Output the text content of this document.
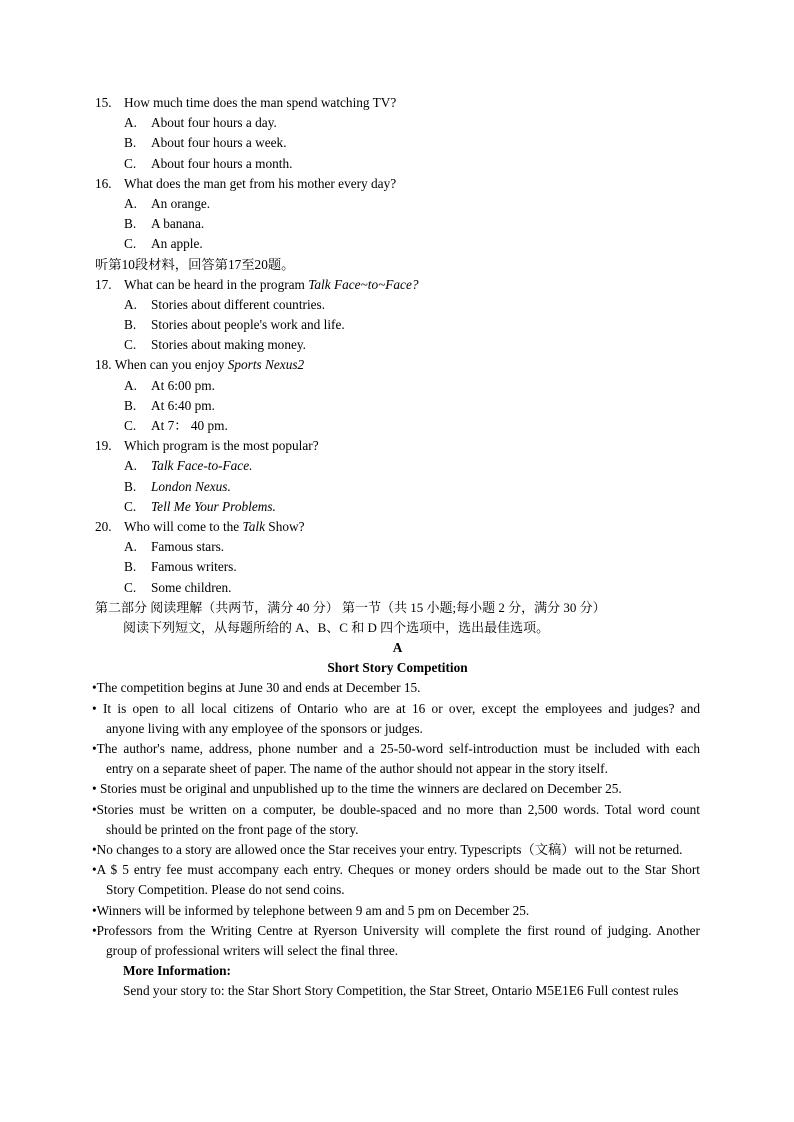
15. How much time does the man spend watching TV?
A.	About four hours a day.
B.	About four hours a week.
C.	About four hours a month.
16. What does the man get from his mother every day?
A.	An orange.
B.	A banana.
C.	An apple.
听第10段材料，回答第17至20题。
17. What can be heard in the program Talk Face~to~Face?
A.	Stories about different countries.
B.	Stories about people's work and life.
C.	Stories about making money.
18. When can you enjoy Sports Nexus2
A.	At 6:00 pm.
B.	At 6:40 pm.
C.	At 7： 40 pm.
19. Which program is the most popular?
A.	Talk Face-to-Face.
B.	London Nexus.
C.	Tell Me Your Problems.
20. Who will come to the Talk Show?
A.	Famous stars.
B.	Famous writers.
C.	Some children.
第二部分 阅读理解（共两节，满分 40 分） 第一节（共 15 小题;每小题 2 分，满分 30 分）
阅读下列短文，从每题所给的 A、B、C 和 D 四个选项中，选出最佳选项。
A
Short Story Competition
•The competition begins at June 30 and ends at December 15.
• It is open to all local citizens of Ontario who are at 16 or over, except the employees and judges? and
anyone living with any employee of the sponsors or judges.
•The author's name, address, phone number and a 25-50-word self-introduction must be included with each
entry on a separate sheet of paper. The name of the author should not appear in the story itself.
• Stories must be original and unpublished up to the time the winners are declared on December 25.
•Stories must be written on a computer, be double-spaced and no more than 2,500 words. Total word count
should be printed on the front page of the story.
•No changes to a story are allowed once the Star receives your entry. Typescripts（文稿）will not be returned.
•A $ 5 entry fee must accompany each entry. Cheques or money orders should be made out to the Star Short
Story Competition. Please do not send coins.
•Winners will be informed by telephone between 9 am and 5 pm on December 25.
•Professors from the Writing Centre at Ryerson University will complete the first round of judging. Another
group of professional writers will select the final three.
More Information:
Send your story to: the Star Short Story Competition, the Star Street, Ontario M5E1E6 Full contest rules
